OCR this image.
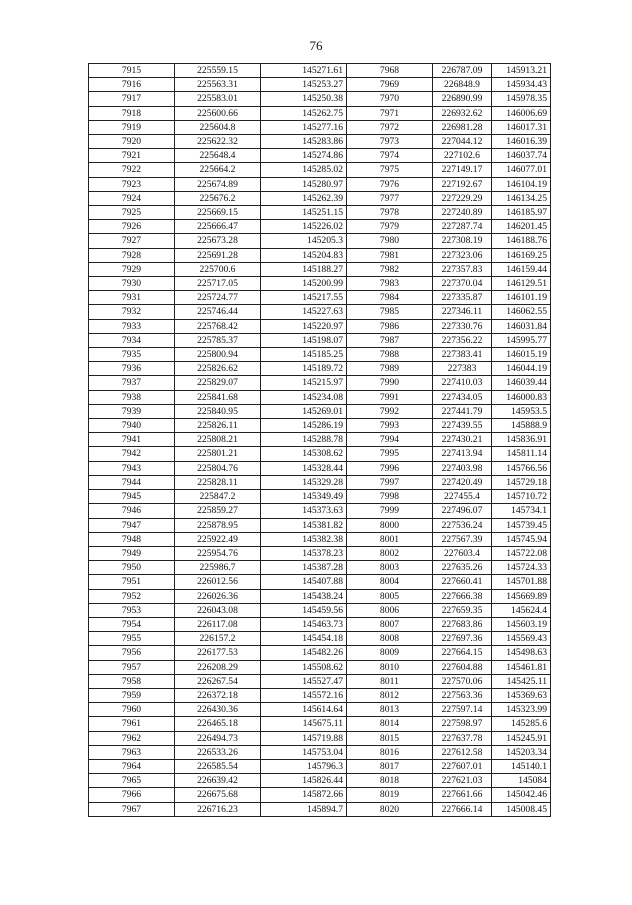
76
7915	225559.15	145271.61	7968	226787.09	145913.21
7916	225563.31	145253.27	7969	226848.9	145934.43
7917	225583.01	145250.38	7970	226890.99	145978.35
7918	225600.66	145262.75	7971	226932.62	146006.69
7919	225604.8	145277.16	7972	226981.28	146017.31
7920	225622.32	145283.86	7973	227044.12	146016.39
7921	225648.4	145274.86	7974	227102.6	146037.74
7922	225664.2	145285.02	7975	227149.17	146077.01
7923	225674.89	145280.97	7976	227192.67	146104.19
7924	225676.2	145262.39	7977	227229.29	146134.25
7925	225669.15	145251.15	7978	227240.89	146185.97
7926	225666.47	145226.02	7979	227287.74	146201.45
7927	225673.28	145205.3	7980	227308.19	146188.76
7928	225691.28	145204.83	7981	227323.06	146169.25
7929	225700.6	145188.27	7982	227357.83	146159.44
7930	225717.05	145200.99	7983	227370.04	146129.51
7931	225724.77	145217.55	7984	227335.87	146101.19
7932	225746.44	145227.63	7985	227346.11	146062.55
7933	225768.42	145220.97	7986	227330.76	146031.84
7934	225785.37	145198.07	7987	227356.22	145995.77
7935	225800.94	145185.25	7988	227383.41	146015.19
7936	225826.62	145189.72	7989	227383	146044.19
7937	225829.07	145215.97	7990	227410.03	146039.44
7938	225841.68	145234.08	7991	227434.05	146000.83
7939	225840.95	145269.01	7992	227441.79	145953.5
7940	225826.11	145286.19	7993	227439.55	145888.9
7941	225808.21	145288.78	7994	227430.21	145836.91
7942	225801.21	145308.62	7995	227413.94	145811.14
7943	225804.76	145328.44	7996	227403.98	145766.56
7944	225828.11	145329.28	7997	227420.49	145729.18
7945	225847.2	145349.49	7998	227455.4	145710.72
7946	225859.27	145373.63	7999	227496.07	145734.1
7947	225878.95	145381.82	8000	227536.24	145739.45
7948	225922.49	145382.38	8001	227567.39	145745.94
7949	225954.76	145378.23	8002	227603.4	145722.08
7950	225986.7	145387.28	8003	227635.26	145724.33
7951	226012.56	145407.88	8004	227660.41	145701.88
7952	226026.36	145438.24	8005	227666.38	145669.89
7953	226043.08	145459.56	8006	227659.35	145624.4
7954	226117.08	145463.73	8007	227683.86	145603.19
7955	226157.2	145454.18	8008	227697.36	145569.43
7956	226177.53	145482.26	8009	227664.15	145498.63
7957	226208.29	145508.62	8010	227604.88	145461.81
7958	226267.54	145527.47	8011	227570.06	145425.11
7959	226372.18	145572.16	8012	227563.36	145369.63
7960	226430.36	145614.64	8013	227597.14	145323.99
7961	226465.18	145675.11	8014	227598.97	145285.6
7962	226494.73	145719.88	8015	227637.78	145245.91
7963	226533.26	145753.04	8016	227612.58	145203.34
7964	226585.54	145796.3	8017	227607.01	145140.1
7965	226639.42	145826.44	8018	227621.03	145084
7966	226675.68	145872.66	8019	227661.66	145042.46
7967	226716.23	145894.7	8020	227666.14	145008.45
